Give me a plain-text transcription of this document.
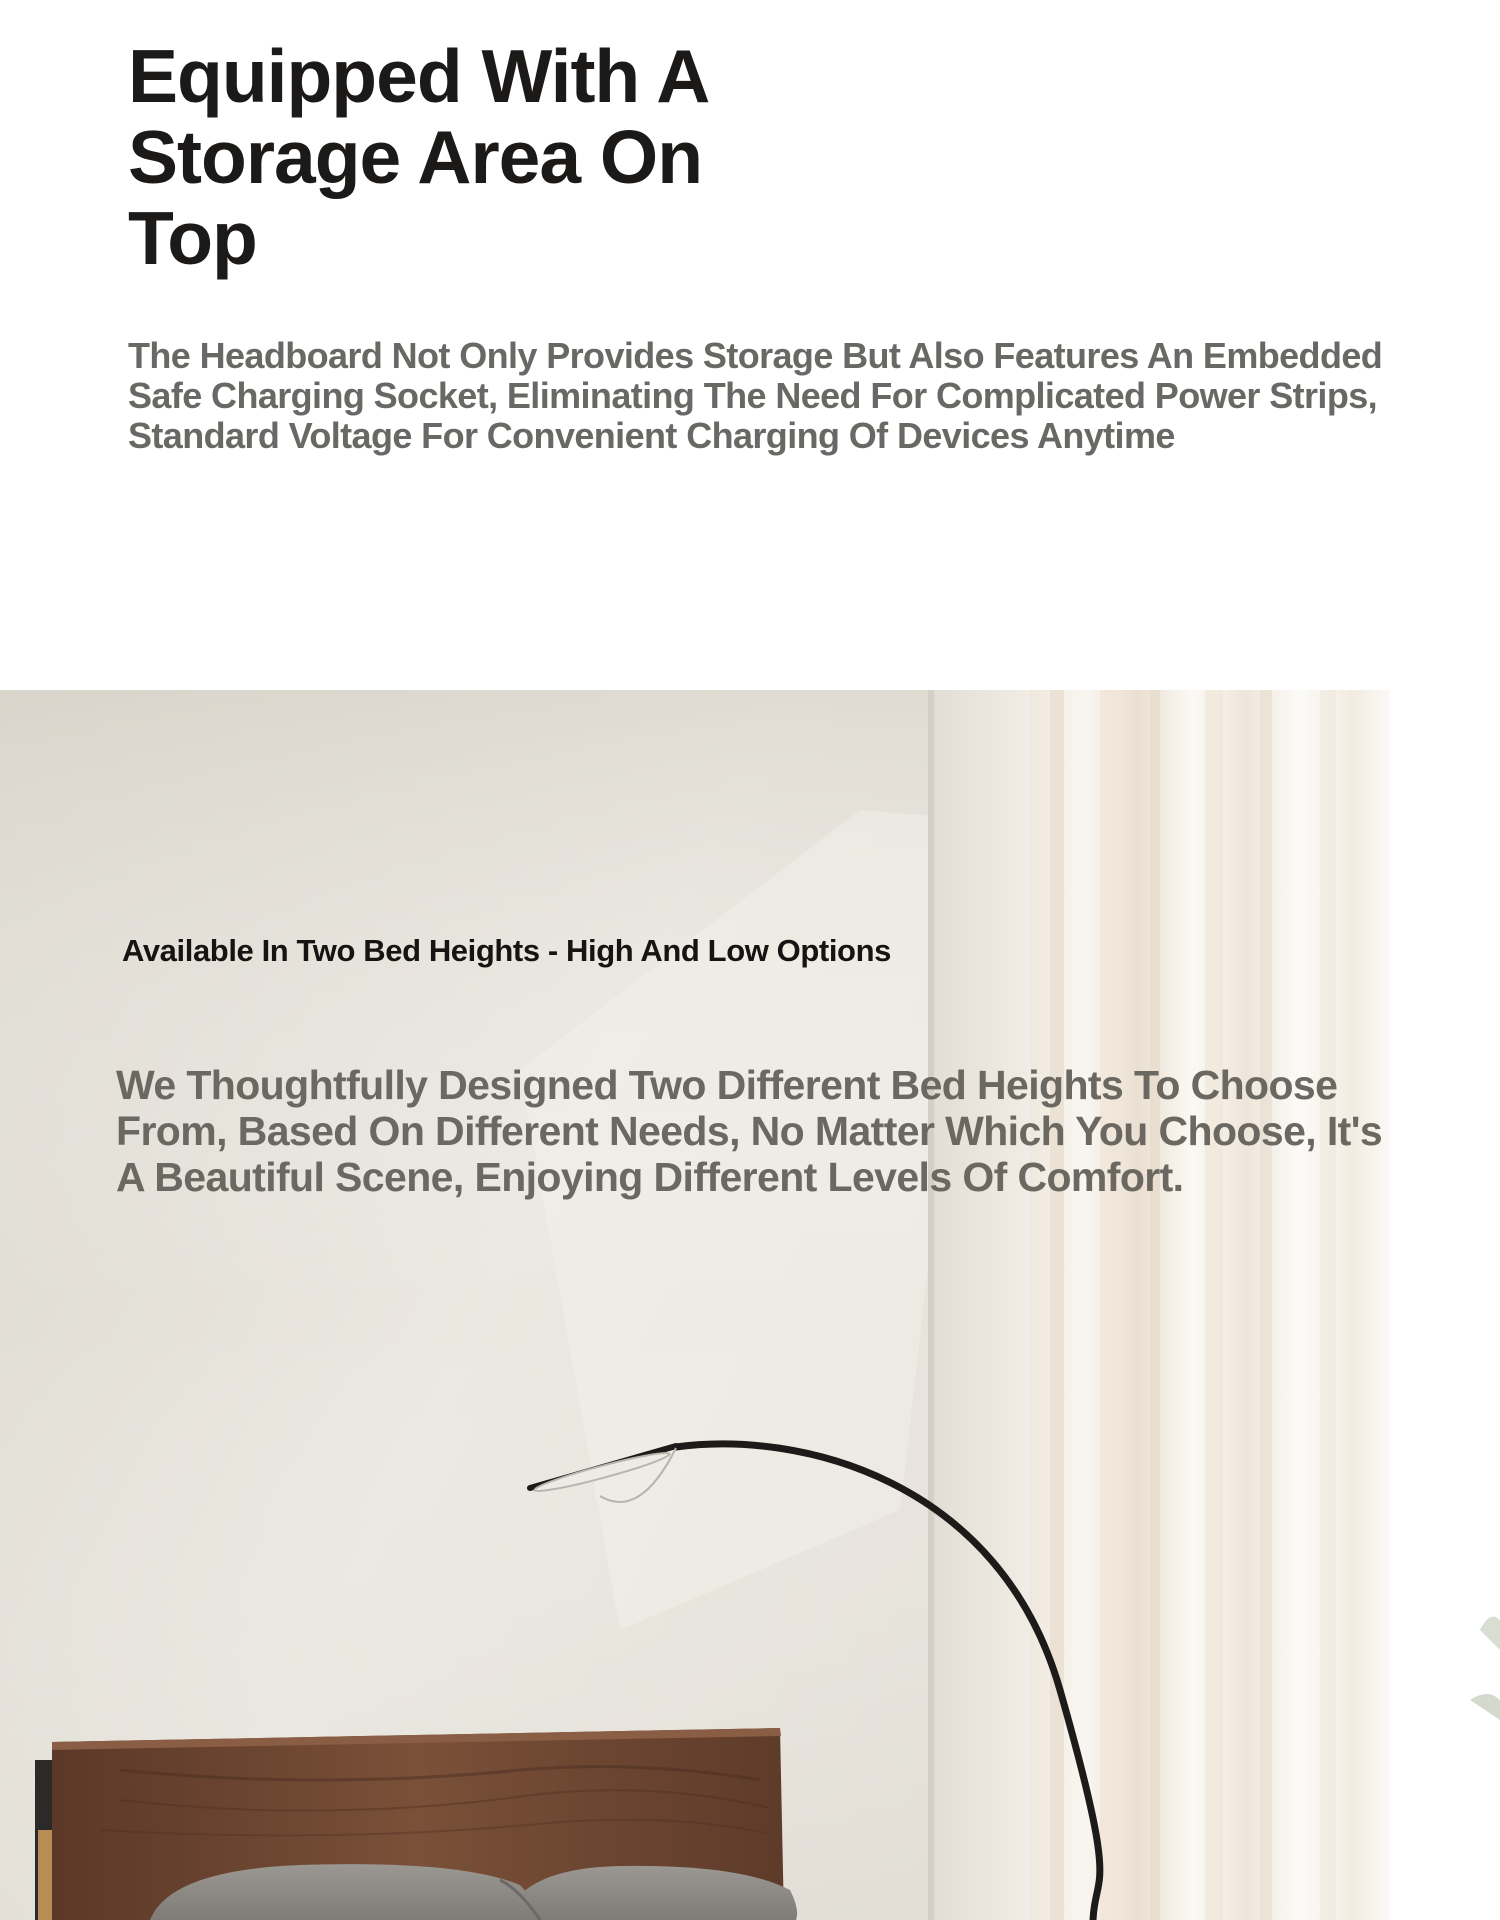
Equipped With A Storage Area On Top

The Headboard Not Only Provides Storage But Also Features An Embedded Safe Charging Socket, Eliminating The Need For Complicated Power Strips, Standard Voltage For Convenient Charging Of Devices Anytime

Available In Two Bed Heights - High And Low Options

We Thoughtfully Designed Two Different Bed Heights To Choose From, Based On Different Needs, No Matter Which You Choose, It's A Beautiful Scene, Enjoying Different Levels Of Comfort.
